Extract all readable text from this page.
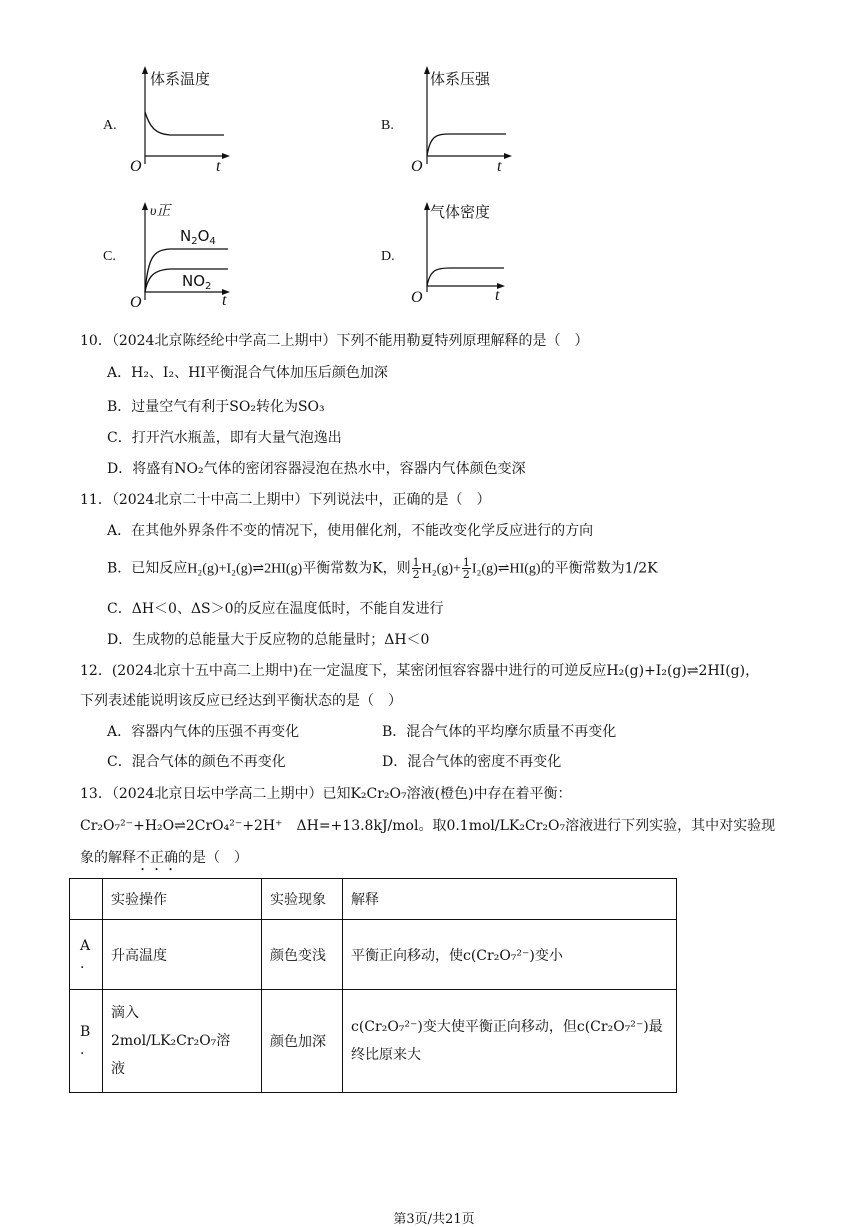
A.
体系温度
O	t
B.
体系压强
O	t
C.
υ正
$N_2O_4$
$NO_2$
O	t
D.
气体密度
O	t
10．（2024北京陈经纶中学高二上期中）下列不能用勒夏特列原理解释的是（　）
A．H₂、I₂、HI平衡混合气体加压后颜色加深
B．过量空气有利于SO₂转化为SO₃
C．打开汽水瓶盖，即有大量气泡逸出
D．将盛有NO₂气体的密闭容器浸泡在热水中，容器内气体颜色变深
11．（2024北京二十中高二上期中）下列说法中，正确的是（　）
A．在其他外界条件不变的情况下，使用催化剂，不能改变化学反应进行的方向
B．已知反应H₂(g)+I₂(g)⇌2HI(g)平衡常数为K，则 $\frac{1}{2} H_2(g)+ \frac{1}{2}$ I₂(g)⇌HI(g)的平衡常数为1/2K
C．ΔH＜0、ΔS＞0的反应在温度低时，不能自发进行
D．生成物的总能量大于反应物的总能量时；ΔH＜0
12．(2024北京十五中高二上期中)在一定温度下，某密闭恒容容器中进行的可逆反应H₂(g)+I₂(g)⇌2HI(g)，
下列表述能说明该反应已经达到平衡状态的是（　）
A．容器内气体的压强不再变化	B．混合气体的平均摩尔质量不再变化
C．混合气体的颜色不再变化	D．混合气体的密度不再变化
13．（2024北京日坛中学高二上期中）已知K₂Cr₂O₇溶液(橙色)中存在着平衡：
Cr₂O₇²⁻+H₂O⇌2CrO₄²⁻+2H⁺　ΔH=+13.8kJ/mol。取0.1mol/LK₂Cr₂O₇溶液进行下列实验，其中对实验现
象的解释不正确的是（　）
	实验操作	实验现象	解释
A
.	升高温度	颜色变浅	平衡正向移动，使c(Cr₂O₇²⁻)变小
B
.	滴入
2mol/LK₂Cr₂O₇溶
液	颜色加深	c(Cr₂O₇²⁻)变大使平衡正向移动，但c(Cr₂O₇²⁻)最
终比原来大
第3页/共21页
